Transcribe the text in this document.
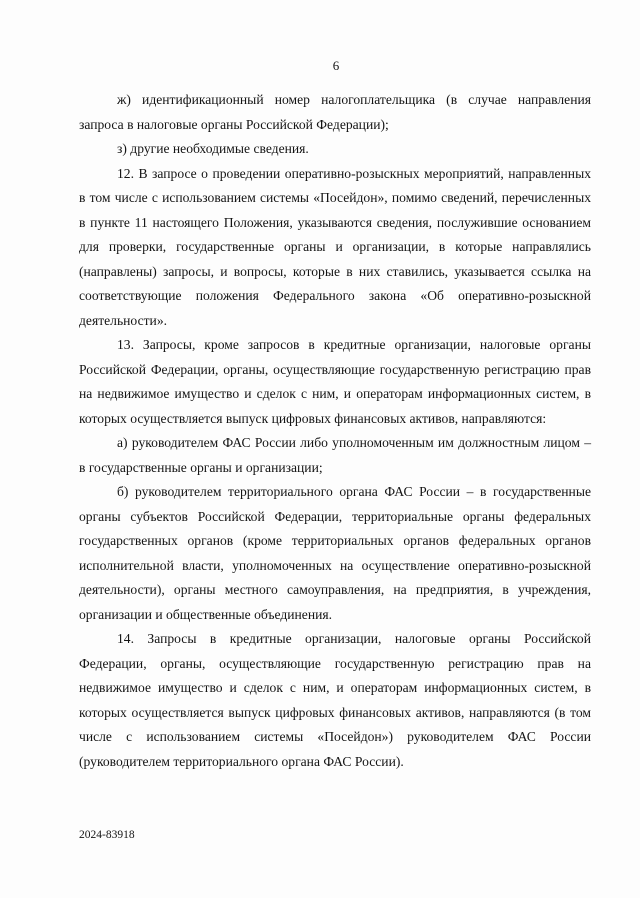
6

ж) идентификационный номер налогоплательщика (в случае направления запроса в налоговые органы Российской Федерации);

з) другие необходимые сведения.

12. В запросе о проведении оперативно-розыскных мероприятий, направленных в том числе с использованием системы «Посейдон», помимо сведений, перечисленных в пункте 11 настоящего Положения, указываются сведения, послужившие основанием для проверки, государственные органы и организации, в которые направлялись (направлены) запросы, и вопросы, которые в них ставились, указывается ссылка на соответствующие положения Федерального закона «Об оперативно-розыскной деятельности».

13. Запросы, кроме запросов в кредитные организации, налоговые органы Российской Федерации, органы, осуществляющие государственную регистрацию прав на недвижимое имущество и сделок с ним, и операторам информационных систем, в которых осуществляется выпуск цифровых финансовых активов, направляются:

а) руководителем ФАС России либо уполномоченным им должностным лицом – в государственные органы и организации;

б) руководителем территориального органа ФАС России – в государственные органы субъектов Российской Федерации, территориальные органы федеральных государственных органов (кроме территориальных органов федеральных органов исполнительной власти, уполномоченных на осуществление оперативно-розыскной деятельности), органы местного самоуправления, на предприятия, в учреждения, организации и общественные объединения.

14. Запросы в кредитные организации, налоговые органы Российской Федерации, органы, осуществляющие государственную регистрацию прав на недвижимое имущество и сделок с ним, и операторам информационных систем, в которых осуществляется выпуск цифровых финансовых активов, направляются (в том числе с использованием системы «Посейдон») руководителем ФАС России (руководителем территориального органа ФАС России).

2024-83918
